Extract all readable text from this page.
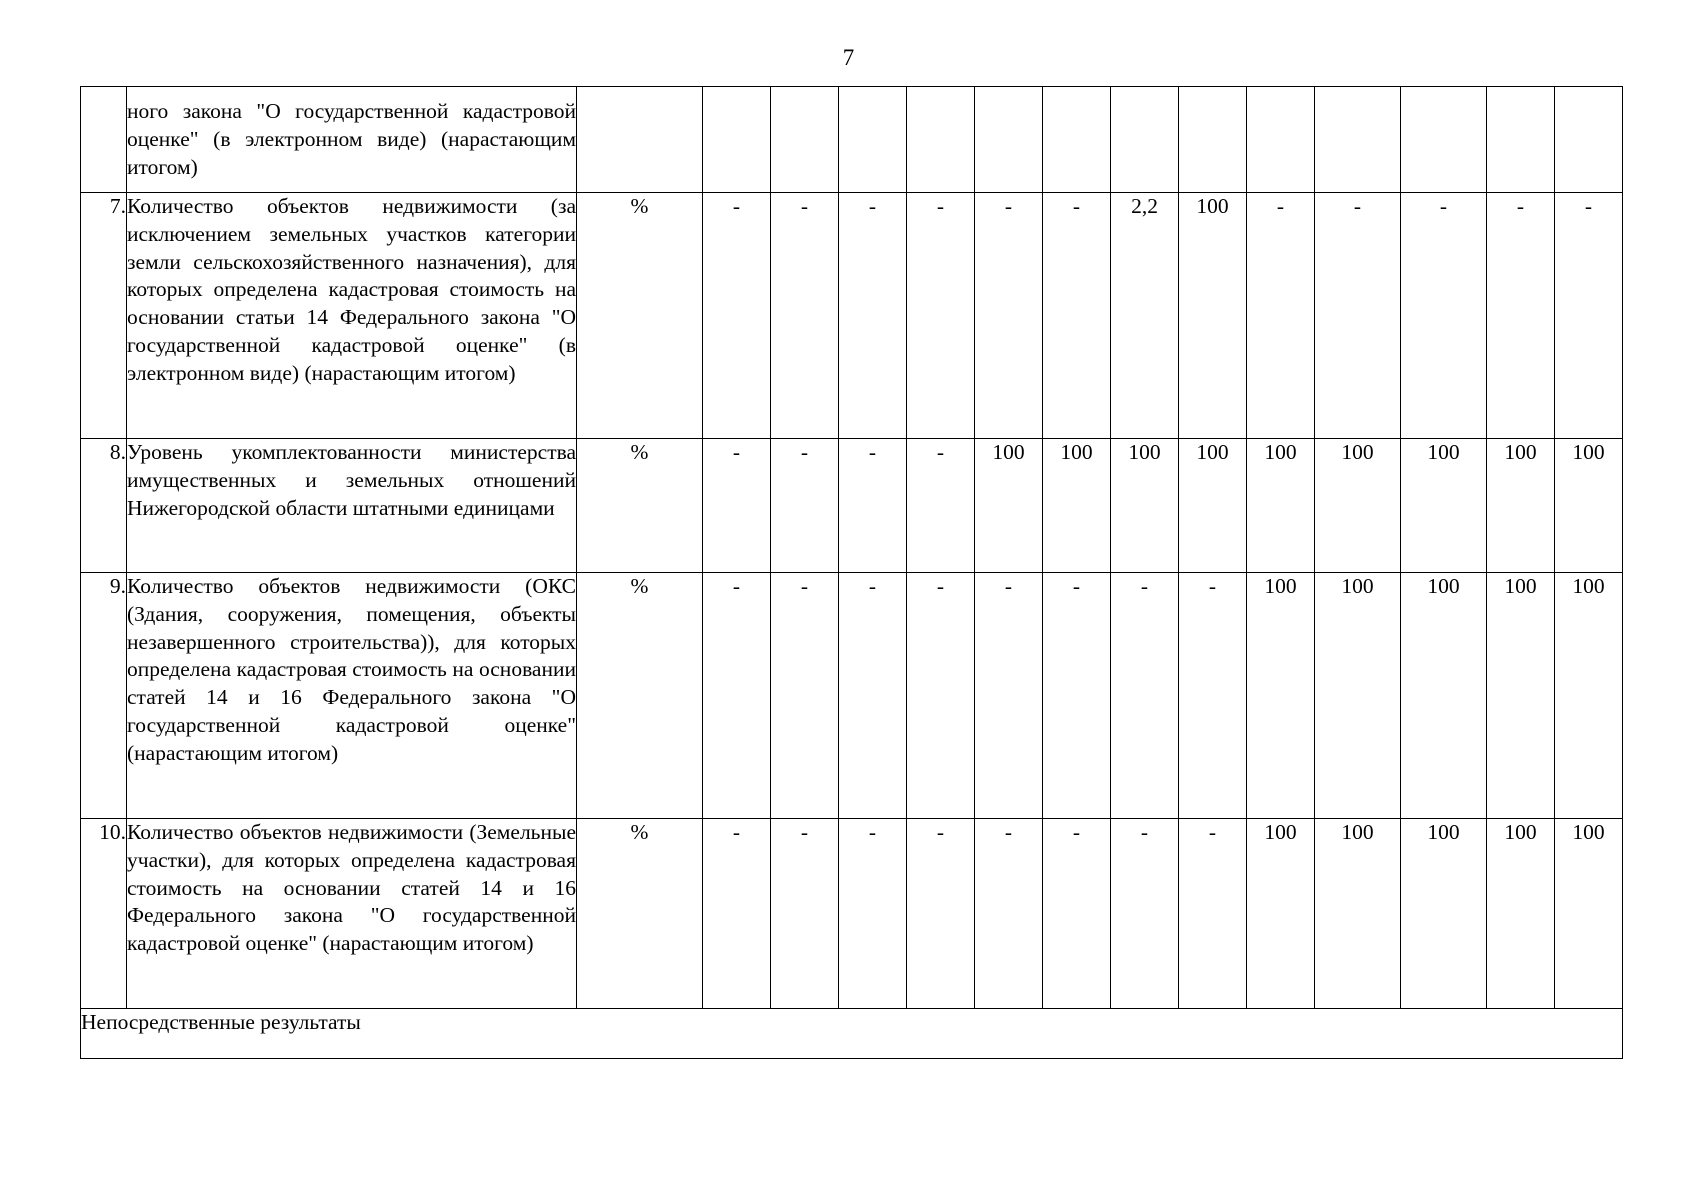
7
	ного закона "О государственной кадастровой оценке" (в электронном виде) (нарастающим итогом)														
7.	Количество объектов недвижимости (за исключением земельных участков категории земли сельскохозяйственного назначения), для которых определена кадастровая стоимость на основании статьи 14 Федерального закона "О государственной кадастровой оценке" (в электронном виде) (нарастающим итогом)	%	-	-	-	-	-	-	2,2	100	-	-	-	-	-
8.	Уровень укомплектованности министерства имущественных и земельных отношений Нижегородской области штатными единицами	%	-	-	-	-	100	100	100	100	100	100	100	100	100
9.	Количество объектов недвижимости (ОКС (Здания, сооружения, помещения, объекты незавершенного строительства)), для которых определена кадастровая стоимость на основании статей 14 и 16 Федерального закона "О государственной кадастровой оценке" (нарастающим итогом)	%	-	-	-	-	-	-	-	-	100	100	100	100	100
10.	Количество объектов недвижимости (Земельные участки), для которых определена кадастровая стоимость на основании статей 14 и 16 Федерального закона "О государственной кадастровой оценке" (нарастающим итогом)	%	-	-	-	-	-	-	-	-	100	100	100	100	100
Непосредственные результаты															
